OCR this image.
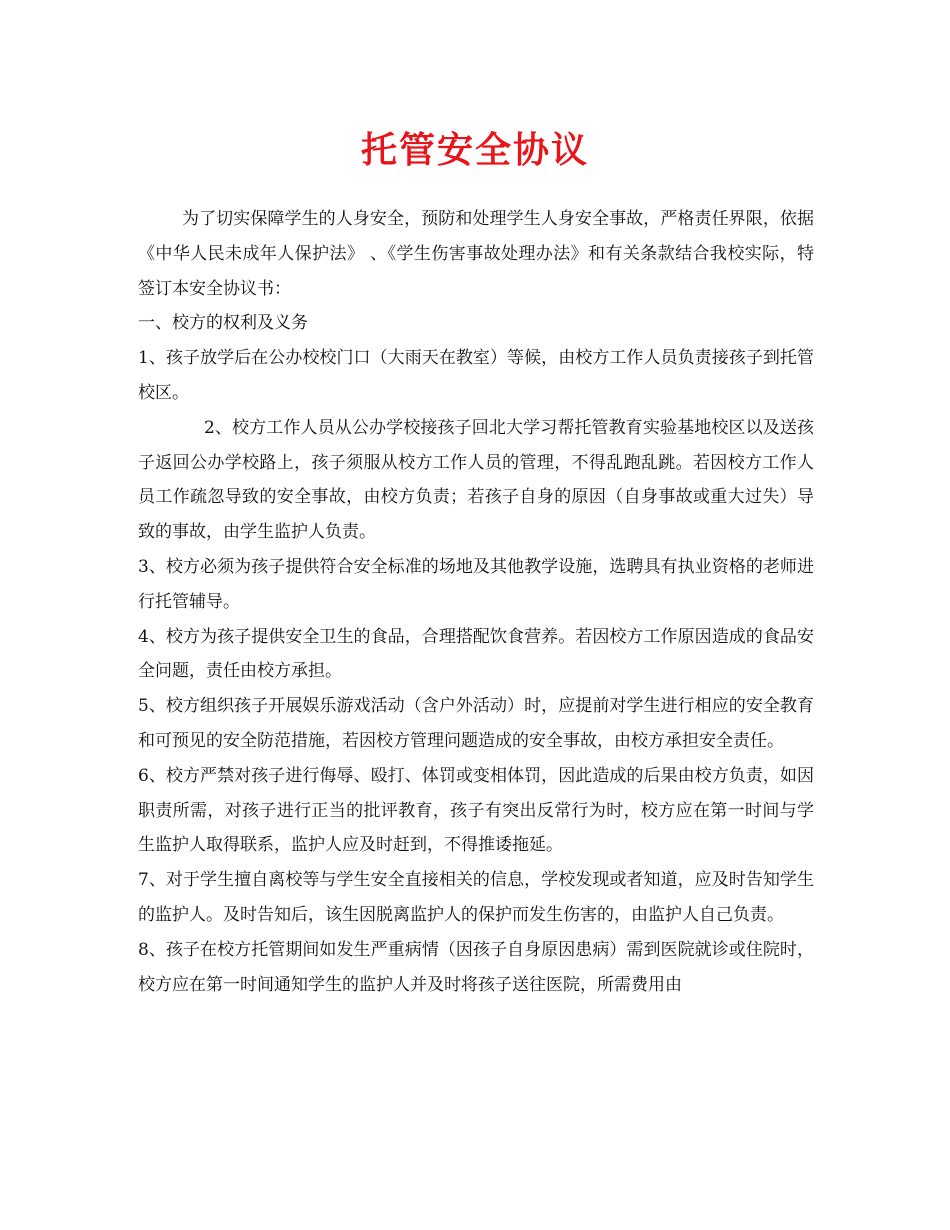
托管安全协议

为了切实保障学生的人身安全，预防和处理学生人身安全事故，严格责任界限，依据《中华人民未成年人保护法》 、《学生伤害事故处理办法》和有关条款结合我校实际，特签订本安全协议书：

一、校方的权利及义务

1、孩子放学后在公办校校门口（大雨天在教室）等候，由校方工作人员负责接孩子到托管校区。

2、校方工作人员从公办学校接孩子回北大学习帮托管教育实验基地校区以及送孩子返回公办学校路上，孩子须服从校方工作人员的管理，不得乱跑乱跳。若因校方工作人员工作疏忽导致的安全事故，由校方负责；若孩子自身的原因（自身事故或重大过失）导致的事故，由学生监护人负责。

3、校方必须为孩子提供符合安全标准的场地及其他教学设施，选聘具有执业资格的老师进行托管辅导。

4、校方为孩子提供安全卫生的食品，合理搭配饮食营养。若因校方工作原因造成的食品安全问题，责任由校方承担。

5、校方组织孩子开展娱乐游戏活动（含户外活动）时，应提前对学生进行相应的安全教育和可预见的安全防范措施，若因校方管理问题造成的安全事故，由校方承担安全责任。

6、校方严禁对孩子进行侮辱、殴打、体罚或变相体罚，因此造成的后果由校方负责，如因职责所需，对孩子进行正当的批评教育，孩子有突出反常行为时，校方应在第一时间与学生监护人取得联系，监护人应及时赶到，不得推诿拖延。

7、对于学生擅自离校等与学生安全直接相关的信息，学校发现或者知道，应及时告知学生的监护人。及时告知后，该生因脱离监护人的保护而发生伤害的，由监护人自己负责。

8、孩子在校方托管期间如发生严重病情（因孩子自身原因患病）需到医院就诊或住院时，校方应在第一时间通知学生的监护人并及时将孩子送往医院，所需费用由
